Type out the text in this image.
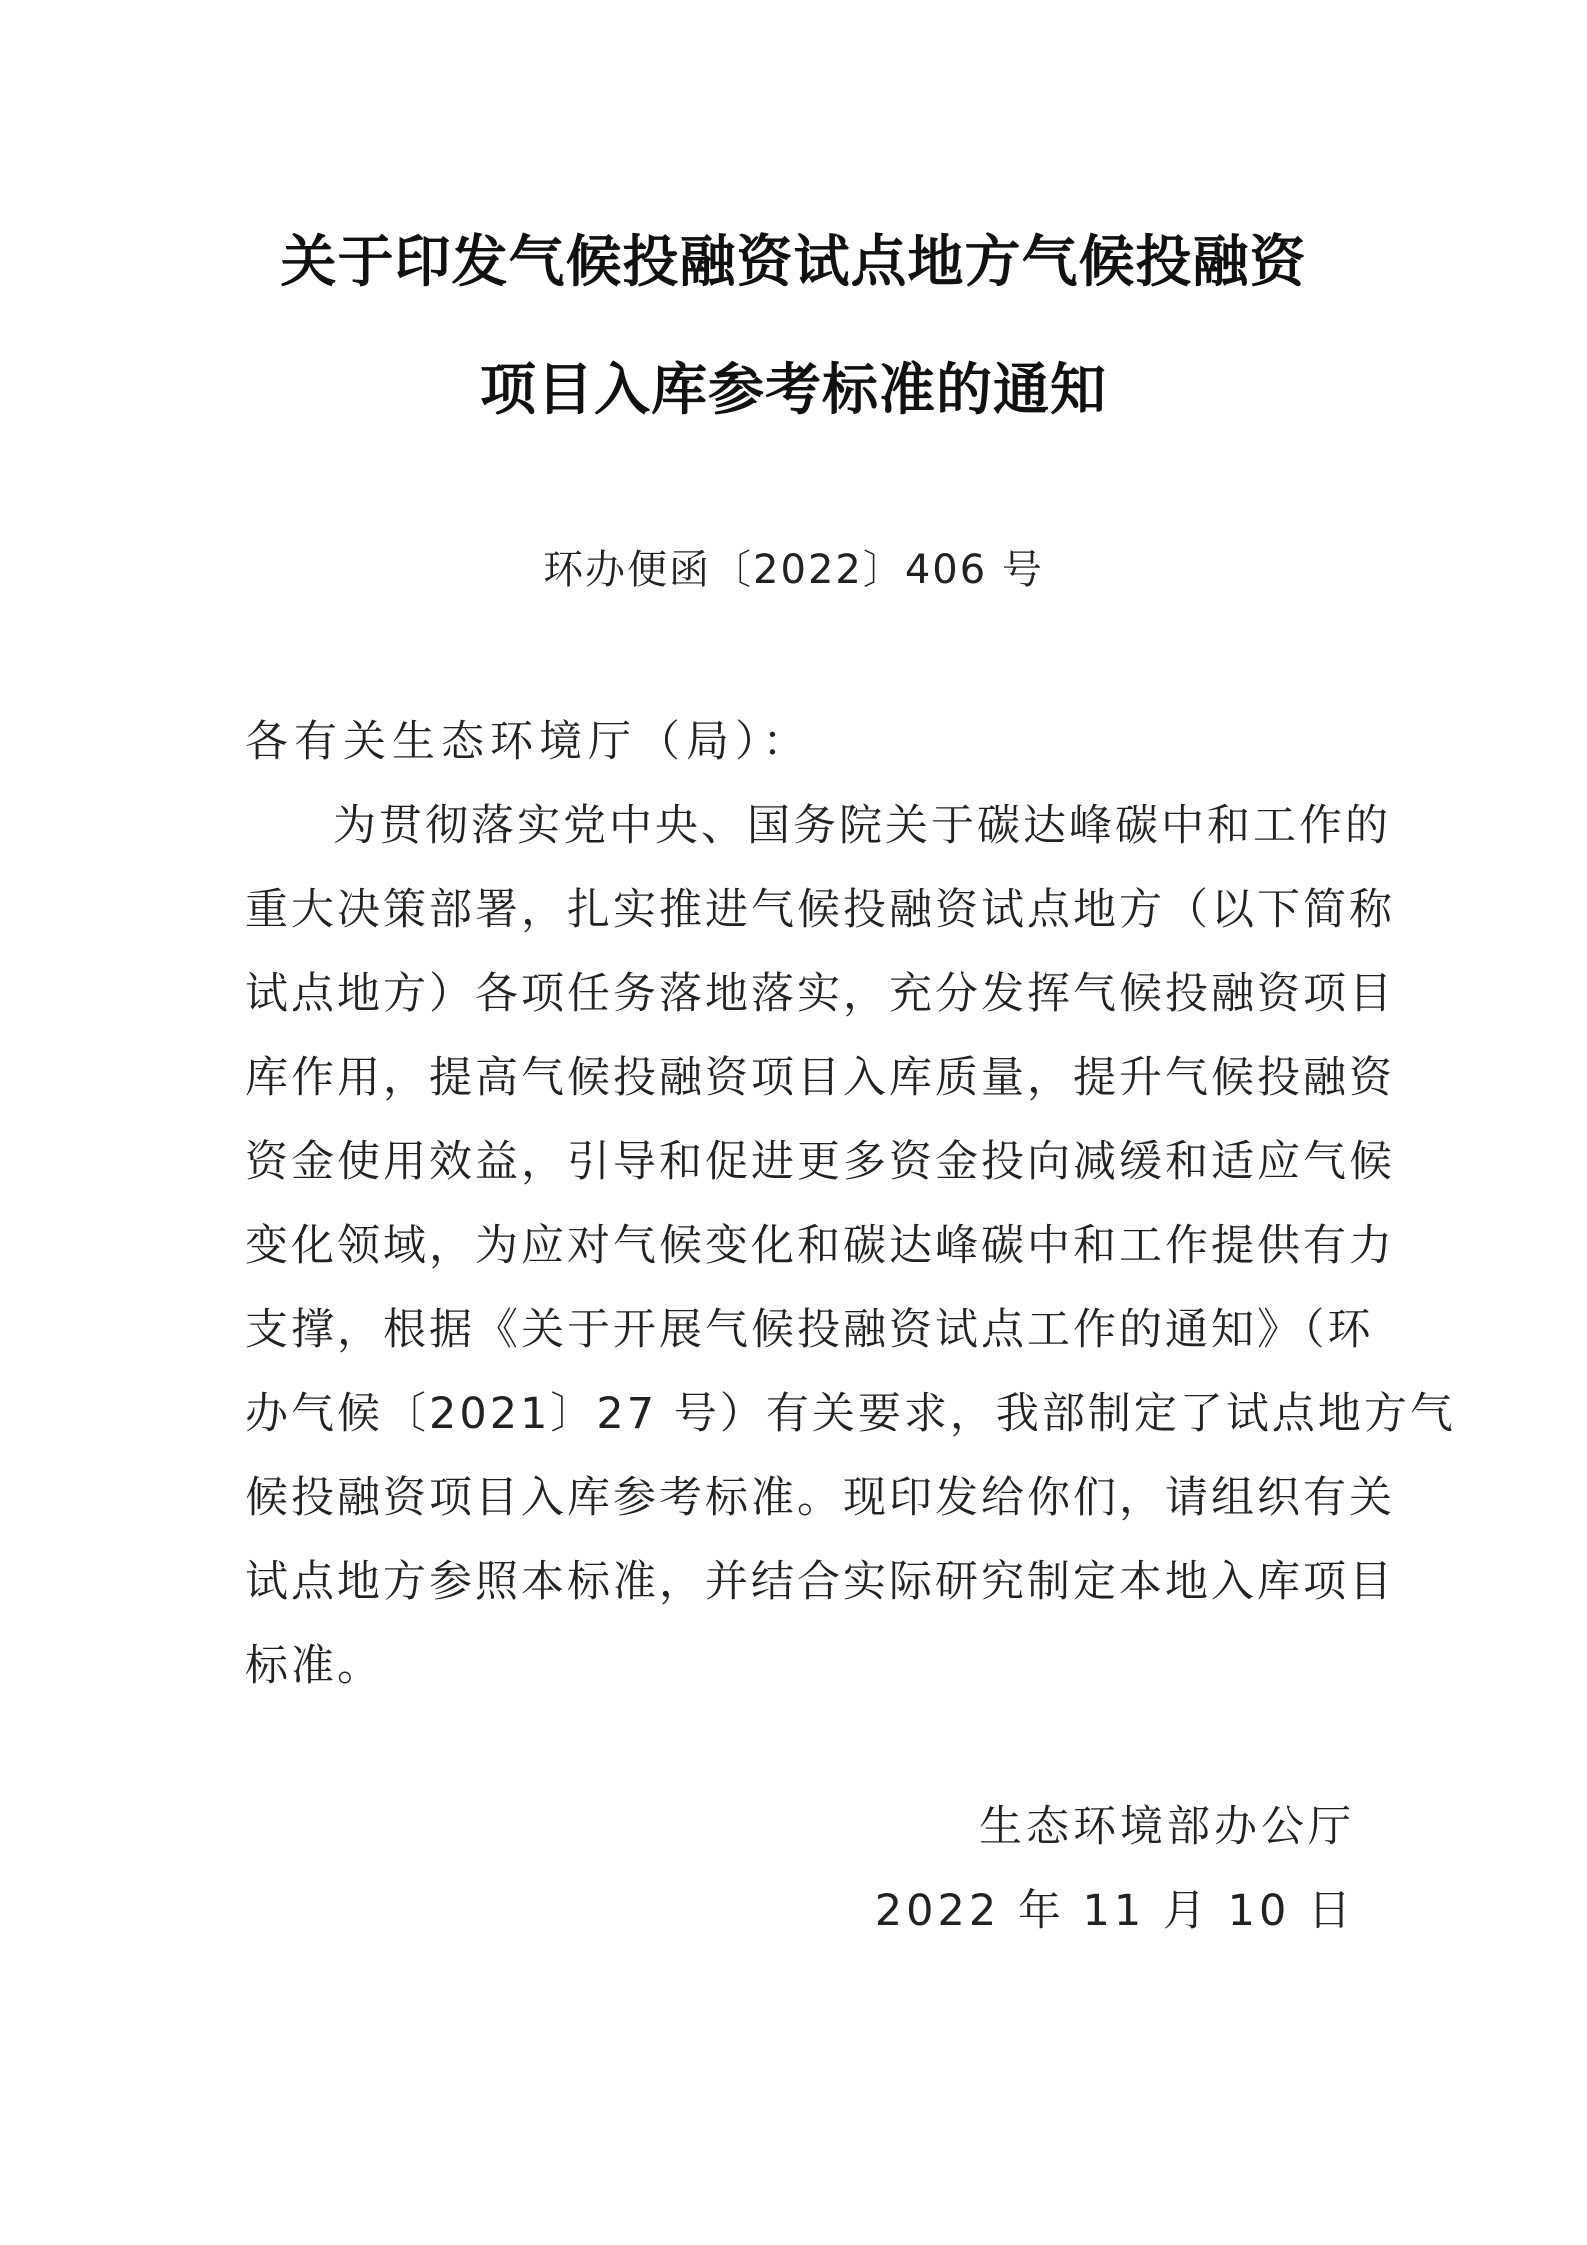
关于印发气候投融资试点地方气候投融资
项目入库参考标准的通知
环办便函〔2022〕406 号
各有关生态环境厅（局）：
为贯彻落实党中央、国务院关于碳达峰碳中和工作的
重大决策部署，扎实推进气候投融资试点地方（以下简称
试点地方）各项任务落地落实，充分发挥气候投融资项目
库作用，提高气候投融资项目入库质量，提升气候投融资
资金使用效益，引导和促进更多资金投向减缓和适应气候
变化领域，为应对气候变化和碳达峰碳中和工作提供有力
支撑，根据《关于开展气候投融资试点工作的通知》（环
办气候〔2021〕27 号）有关要求，我部制定了试点地方气
候投融资项目入库参考标准。现印发给你们，请组织有关
试点地方参照本标准，并结合实际研究制定本地入库项目
标准。
生态环境部办公厅
2022 年 11 月 10 日
